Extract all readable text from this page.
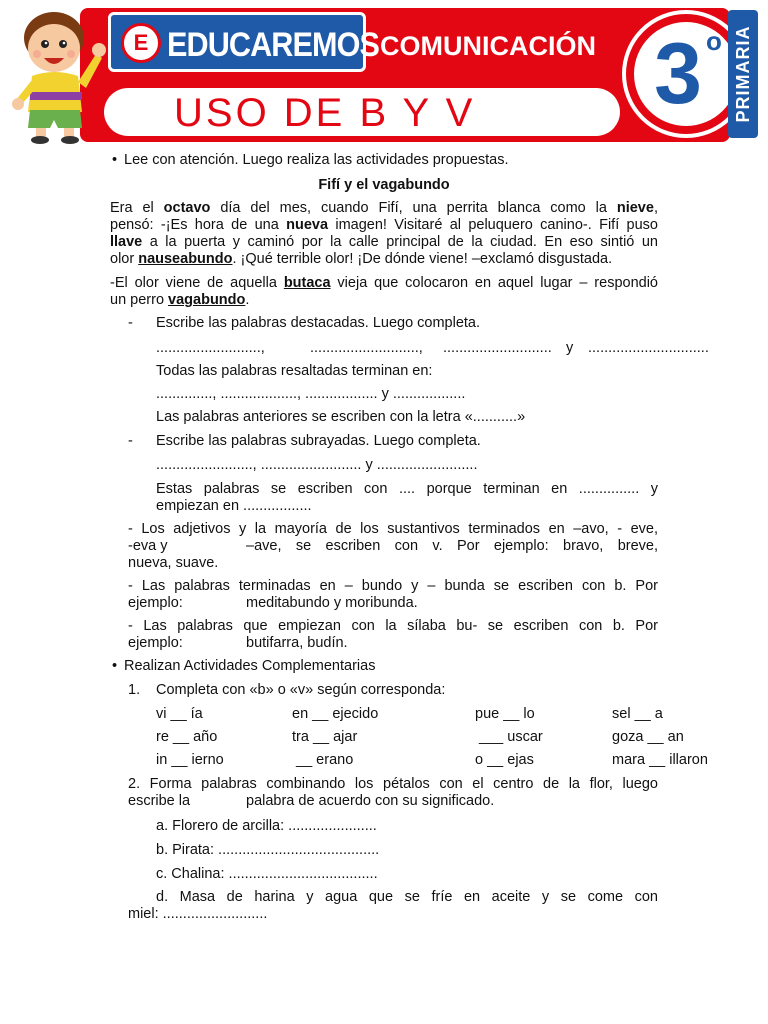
E EDUCAREMOS COMUNICACIÓN
USO DE B Y V	3 o PRIMARIA
• Lee con atención. Luego realiza las actividades propuestas.
Fifí y el vagabundo
Era el octavo día del mes, cuando Fifí, una perrita blanca como la nieve,
pensó: -¡Es hora de una nueva imagen! Visitaré al peluquero canino-. Fifí puso
llave a la puerta y caminó por la calle principal de la ciudad. En eso sintió un
olor nauseabundo. ¡Qué terrible olor! ¡De dónde viene! –exclamó disgustada.
-El olor viene de aquella butaca vieja que colocaron en aquel lugar – respondió
un perro vagabundo.
- Escribe las palabras destacadas. Luego completa.
..........................,	..........................., ........................... y ..............................
Todas las palabras resaltadas terminan en:
.............., ..................., .................. y ..................
Las palabras anteriores se escriben con la letra «...........»
- Escribe las palabras subrayadas. Luego completa.
........................, ......................... y .........................
Estas palabras se escriben con .... porque terminan en ............... y
empiezan en .................
- Los adjetivos y la mayoría de los sustantivos terminados en –avo, - eve,
-eva y	–ave, se escriben con v. Por ejemplo: bravo, breve,
nueva, suave.
- Las palabras terminadas en – bundo y – bunda se escriben con b. Por
ejemplo:	meditabundo y moribunda.
- Las palabras que empiezan con la sílaba bu- se escriben con b. Por
ejemplo:	butifarra, budín.
• Realizan Actividades Complementarias
1. Completa con «b» o «v» según corresponda:
vi __ ía	en __ ejecido	pue __ lo	sel __ a
re __ año	tra __ ajar	___ uscar	goza __ an
in __ ierno	__ erano	o __ ejas	mara __ illaron
2. Forma palabras combinando los pétalos con el centro de la flor, luego
escribe la	palabra de acuerdo con su significado.
a. Florero de arcilla: ......................
b. Pirata: ........................................
c. Chalina: .....................................
d. Masa de harina y agua que se fríe en aceite y se come con
miel: ..........................
